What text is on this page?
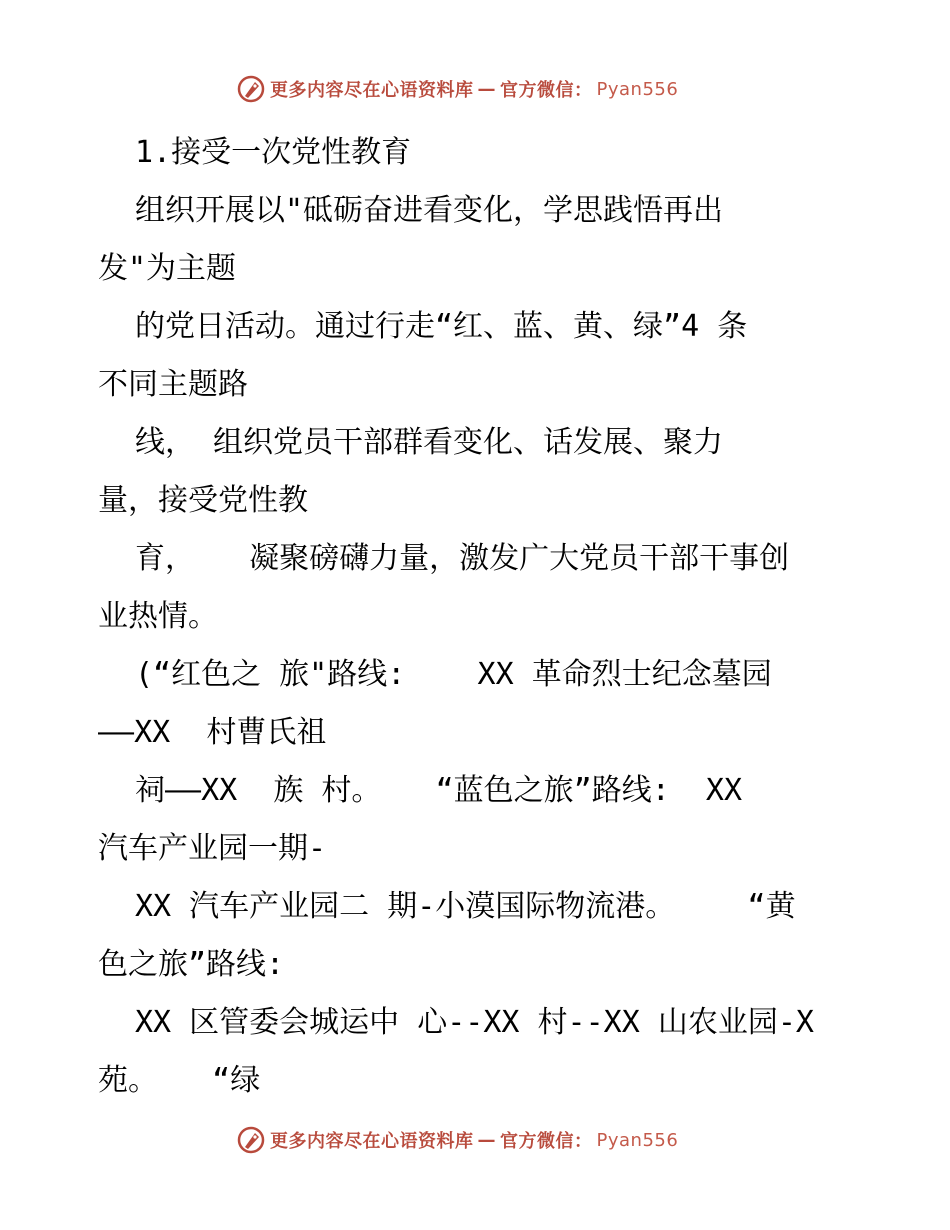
更多内容尽在心语资料库 — 官方微信： Pyan556
1.接受一次党性教育
组织开展以"砥砺奋进看变化，学思践悟再出
发"为主题
的党日活动。通过行走“红、蓝、黄、绿”4 条
不同主题路
线， 组织党员干部群看变化、话发展、聚力
量，接受党性教
育，   凝聚磅礴力量，激发广大党员干部干事创
业热情。
(“红色之 旅"路线:    XX 革命烈士纪念墓园
——XX  村曹氏祖
祠——XX  族 村。   “蓝色之旅”路线:  XX
汽车产业园一期-
XX 汽车产业园二 期-小漠国际物流港。    “黄
色之旅”路线:
XX 区管委会城运中 心--XX 村--XX 山农业园-X
苑。   “绿
更多内容尽在心语资料库 — 官方微信： Pyan556
